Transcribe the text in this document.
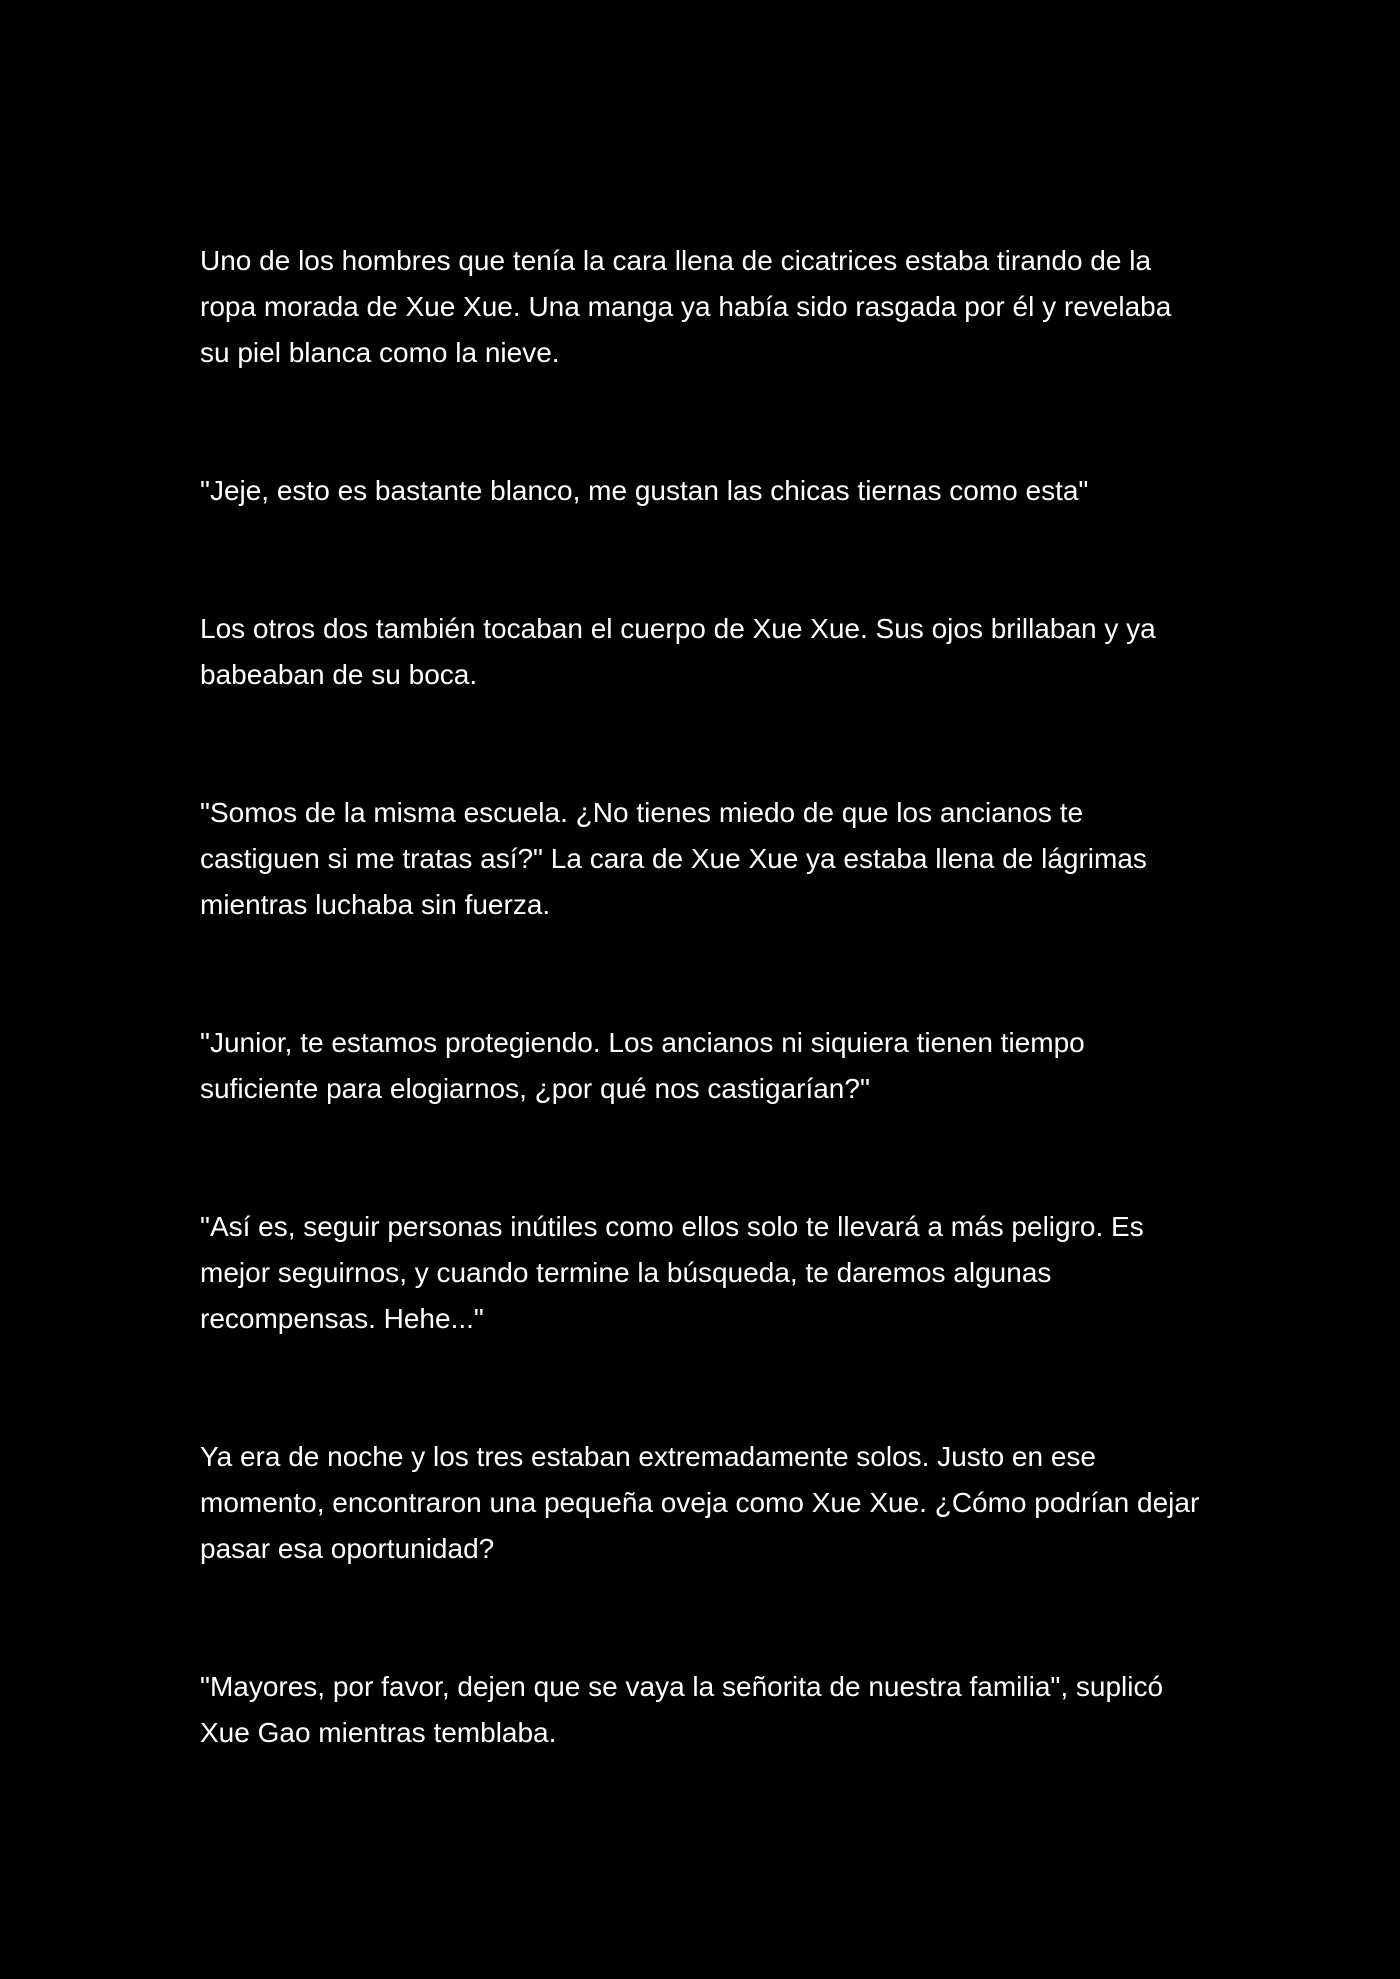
Uno de los hombres que tenía la cara llena de cicatrices estaba tirando de la ropa morada de Xue Xue. Una manga ya había sido rasgada por él y revelaba su piel blanca como la nieve.

"Jeje, esto es bastante blanco, me gustan las chicas tiernas como esta"

Los otros dos también tocaban el cuerpo de Xue Xue. Sus ojos brillaban y ya babeaban de su boca.

"Somos de la misma escuela. ¿No tienes miedo de que los ancianos te castiguen si me tratas así?" La cara de Xue Xue ya estaba llena de lágrimas mientras luchaba sin fuerza.

"Junior, te estamos protegiendo. Los ancianos ni siquiera tienen tiempo suficiente para elogiarnos, ¿por qué nos castigarían?"

"Así es, seguir personas inútiles como ellos solo te llevará a más peligro. Es mejor seguirnos, y cuando termine la búsqueda, te daremos algunas recompensas. Hehe..."

Ya era de noche y los tres estaban extremadamente solos. Justo en ese momento, encontraron una pequeña oveja como Xue Xue. ¿Cómo podrían dejar pasar esa oportunidad?

"Mayores, por favor, dejen que se vaya la señorita de nuestra familia", suplicó Xue Gao mientras temblaba.
